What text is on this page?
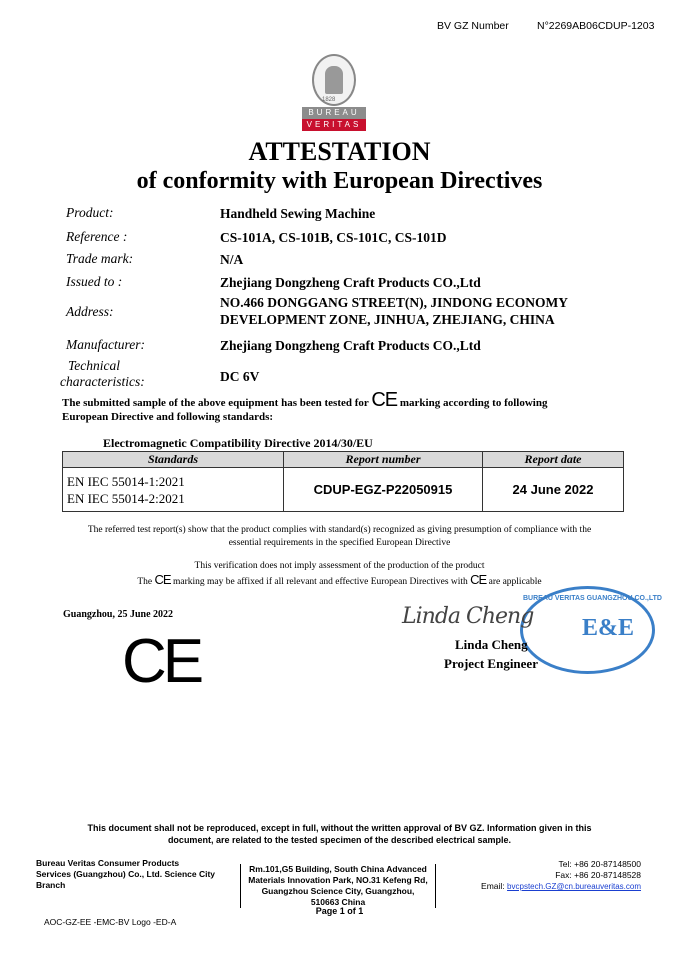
BV GZ Number	N°2269AB06CDUP-1203
1828
BUREAU
VERITAS
ATTESTATION
of conformity with European Directives
Product:	Handheld Sewing Machine
Reference :	CS-101A, CS-101B, CS-101C, CS-101D
Trade mark:	N/A
Issued to :	Zhejiang Dongzheng Craft Products CO.,Ltd
Address:
NO.466 DONGGANG STREET(N), JINDONG ECONOMY
DEVELOPMENT ZONE, JINHUA, ZHEJIANG, CHINA
Manufacturer:	Zhejiang Dongzheng Craft Products CO.,Ltd
Technical
characteristics:	DC 6V
The submitted sample of the above equipment has been tested for CE marking according to following
European Directive and following standards:
Electromagnetic Compatibility Directive 2014/30/EU
Standards	Report number	Report date

EN IEC 55014-1:2021
EN IEC 55014-2:2021	CDUP-EGZ-P22050915	24 June 2022
The referred test report(s) show that the product complies with standard(s) recognized as giving presumption of compliance with the
essential requirements in the specified European Directive
This verification does not imply assessment of the production of the product
The CE marking may be affixed if all relevant and effective European Directives with CE are applicable
Guangzhou, 25 June 2022
CE
BUREAU VERITAS GUANGZHOU CO.,LTD
E&E
Linda Cheng
Linda Cheng
Project Engineer
This document shall not be reproduced, except in full, without the written approval of BV GZ. Information given in this
document, are related to the tested specimen of the described electrical sample.
Bureau Veritas Consumer Products
Services (Guangzhou) Co., Ltd. Science City
Branch
Rm.101,G5 Building, South China Advanced
Materials Innovation Park, NO.31 Kefeng Rd,
Guangzhou Science City, Guangzhou,
510663 China
Tel: +86 20-87148500
Fax: +86 20-87148528
Email: bvcpstech.GZ@cn.bureauveritas.com
Page 1 of 1
AOC-GZ-EE -EMC-BV Logo -ED-A
